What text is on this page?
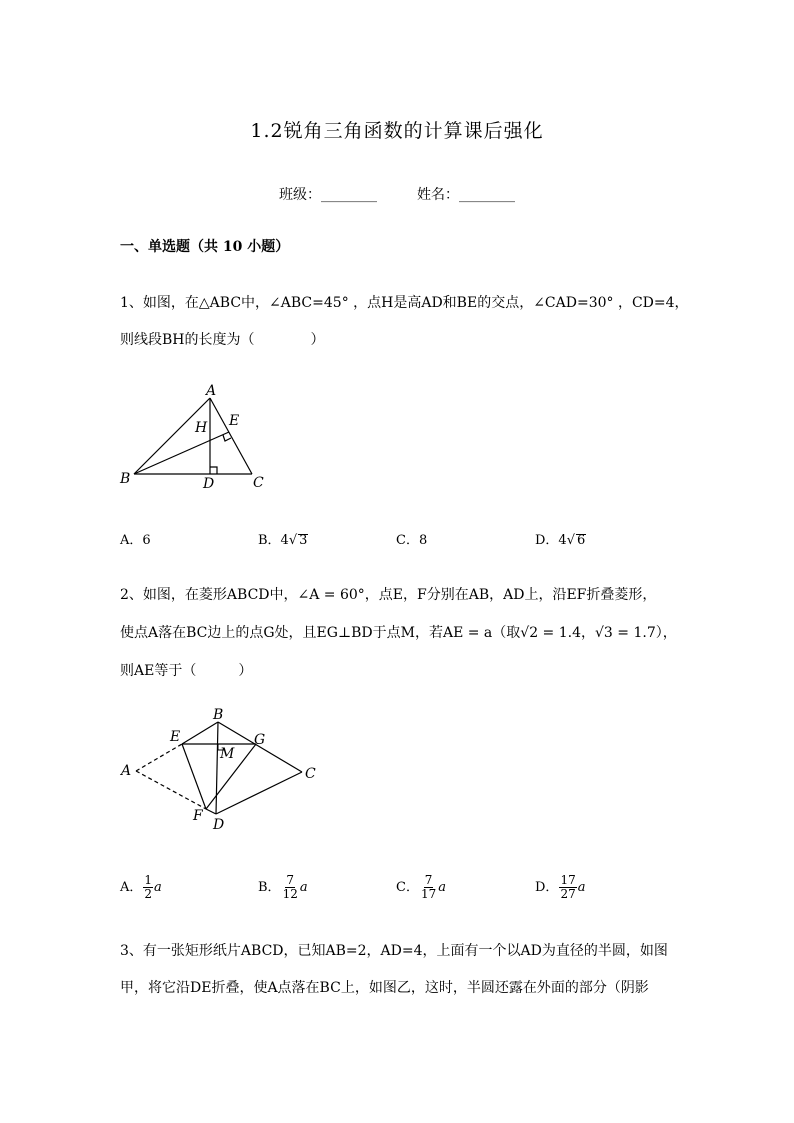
1.2锐角三角函数的计算课后强化
班级：________	姓名：________
一、单选题（共 10 小题）
1、如图，在△ABC中，∠ABC=45° ，点H是高AD和BE的交点，∠CAD=30° ，CD=4，
则线段BH的长度为（　　　　）
A
B	C
D
E
H
A．6	B．4√ 3	C．8	D．4√ 6
2、如图，在菱形ABCD中，∠A = 60°，点E，F分别在AB，AD上，沿EF折叠菱形，
使点A落在BC边上的点G处，且EG⊥BD于点M，若AE = a（取√2 = 1.4，√3 = 1.7），
则AE等于（　　　）
B
E	G
M
A	C
F
D
A． $\frac{1}{2}$ a	B． $\frac{7}{12}$ a	C． $\frac{7}{17}$ a	D． $\frac{17}{27}$ a
3、有一张矩形纸片ABCD，已知AB=2，AD=4，上面有一个以AD为直径的半圆，如图
甲，将它沿DE折叠，使A点落在BC上，如图乙，这时，半圆还露在外面的部分（阴影
